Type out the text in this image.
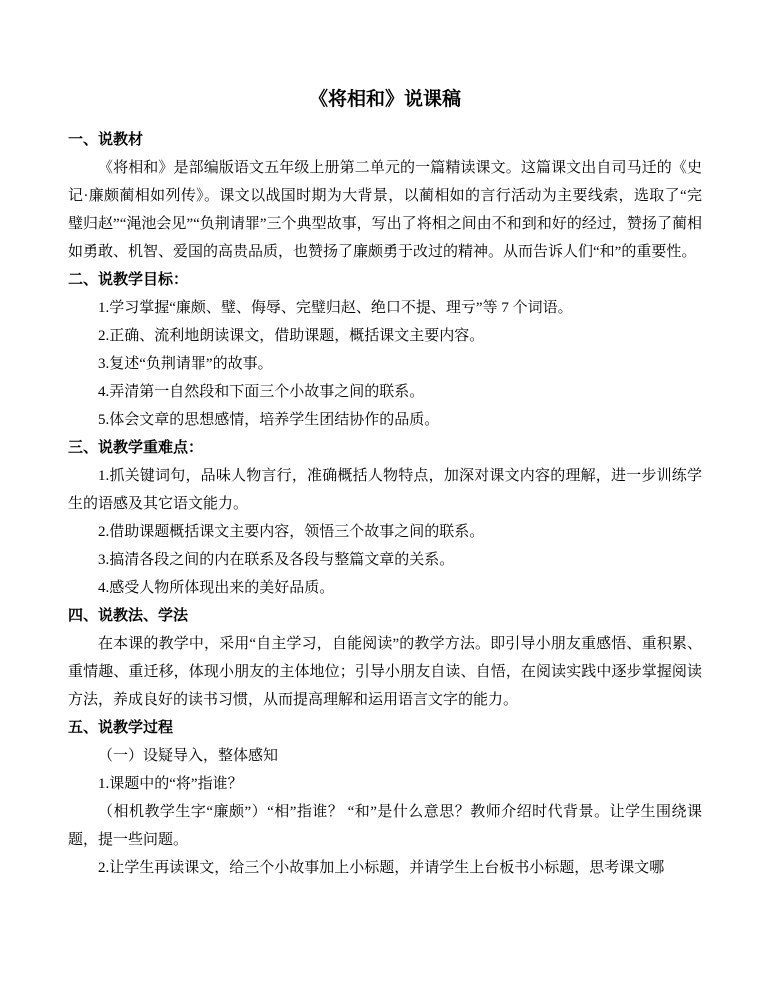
《将相和》说课稿
一、说教材

《将相和》是部编版语文五年级上册第二单元的一篇精读课文。这篇课文出自司马迁的《史记·廉颇蔺相如列传》。课文以战国时期为大背景，以蔺相如的言行活动为主要线索，选取了“完璧归赵”“渑池会见”“负荆请罪”三个典型故事，写出了将相之间由不和到和好的经过，赞扬了蔺相如勇敢、机智、爱国的高贵品质，也赞扬了廉颇勇于改过的精神。从而告诉人们“和”的重要性。

二、说教学目标：

1.学习掌握“廉颇、璧、侮辱、完璧归赵、绝口不提、理亏”等 7 个词语。

2.正确、流利地朗读课文，借助课题，概括课文主要内容。

3.复述“负荆请罪”的故事。

4.弄清第一自然段和下面三个小故事之间的联系。

5.体会文章的思想感情，培养学生团结协作的品质。

三、说教学重难点：

1.抓关键词句，品味人物言行，准确概括人物特点，加深对课文内容的理解，进一步训练学生的语感及其它语文能力。

2.借助课题概括课文主要内容，领悟三个故事之间的联系。

3.搞清各段之间的内在联系及各段与整篇文章的关系。

4.感受人物所体现出来的美好品质。

四、说教法、学法

在本课的教学中，采用“自主学习，自能阅读”的教学方法。即引导小朋友重感悟、重积累、重情趣、重迁移，体现小朋友的主体地位；引导小朋友自读、自悟，在阅读实践中逐步掌握阅读方法，养成良好的读书习惯，从而提高理解和运用语言文字的能力。

五、说教学过程

（一）设疑导入，整体感知

1.课题中的“将”指谁？

（相机教学生字“廉颇”）“相”指谁？ “和”是什么意思？教师介绍时代背景。让学生围绕课题，提一些问题。

2.让学生再读课文，给三个小故事加上小标题，并请学生上台板书小标题，思考课文哪
